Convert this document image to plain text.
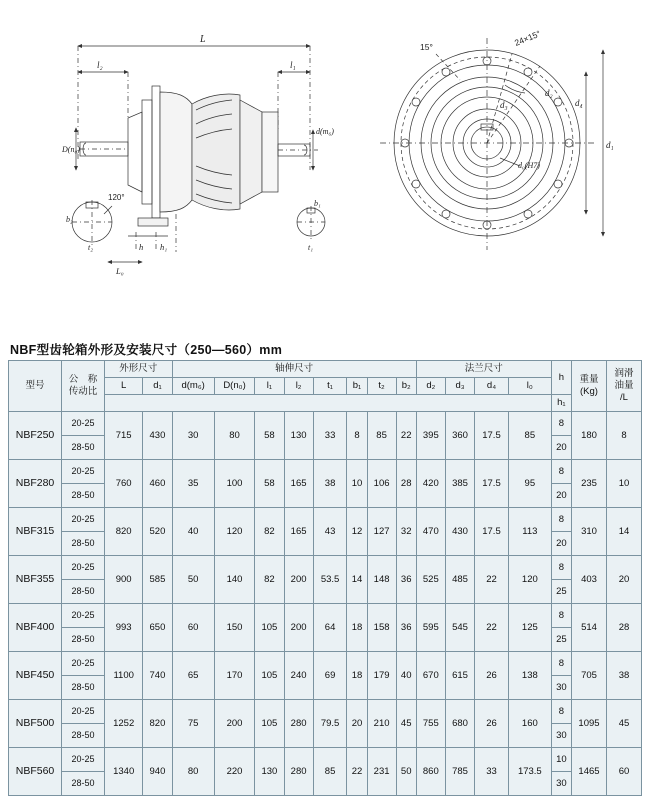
L
l₂	l₁
D(n₀)
d(m₆)
h h₁
L₀
b₂
t₂
120°
b₁
t₁
24×15°
15°
d₁
d₄
d₂
d₃
d₀(H7)
NBF型齿轮箱外形及安装尺寸（250—560）mm
型号	
公　称
传动比
	外形尺寸	轴伸尺寸	法兰尺寸	h	重量
(Kg)

润滑
油量
/L

		L	d₁	d(m₆)	D(n₀)	l₁	l₂	t₁	b₁	t₂	b₂	d₂	d₃	d₄	l₀			
																h₁		
NBF250	20-25	715	430	30	80	58	130	33	8	85	22	395	360	17.5	85	8	180	8
	28-50															20		
NBF280	20-25	760	460	35	100	58	165	38	10	106	28	420	385	17.5	95	8	235	10
	28-50															20		
NBF315	20-25	820	520	40	120	82	165	43	12	127	32	470	430	17.5	113	8	310	14
	28-50															20		
NBF355	20-25	900	585	50	140	82	200	53.5	14	148	36	525	485	22	120	8	403	20
	28-50															25		
NBF400	20-25	993	650	60	150	105	200	64	18	158	36	595	545	22	125	8	514	28
	28-50															25		
NBF450	20-25	1100	740	65	170	105	240	69	18	179	40	670	615	26	138	8	705	38
	28-50															30		
NBF500	20-25	1252	820	75	200	105	280	79.5	20	210	45	755	680	26	160	8	1095	45
	28-50															30		
NBF560	20-25	1340	940	80	220	130	280	85	22	231	50	860	785	33	173.5	10	1465	60
	28-50															30		
